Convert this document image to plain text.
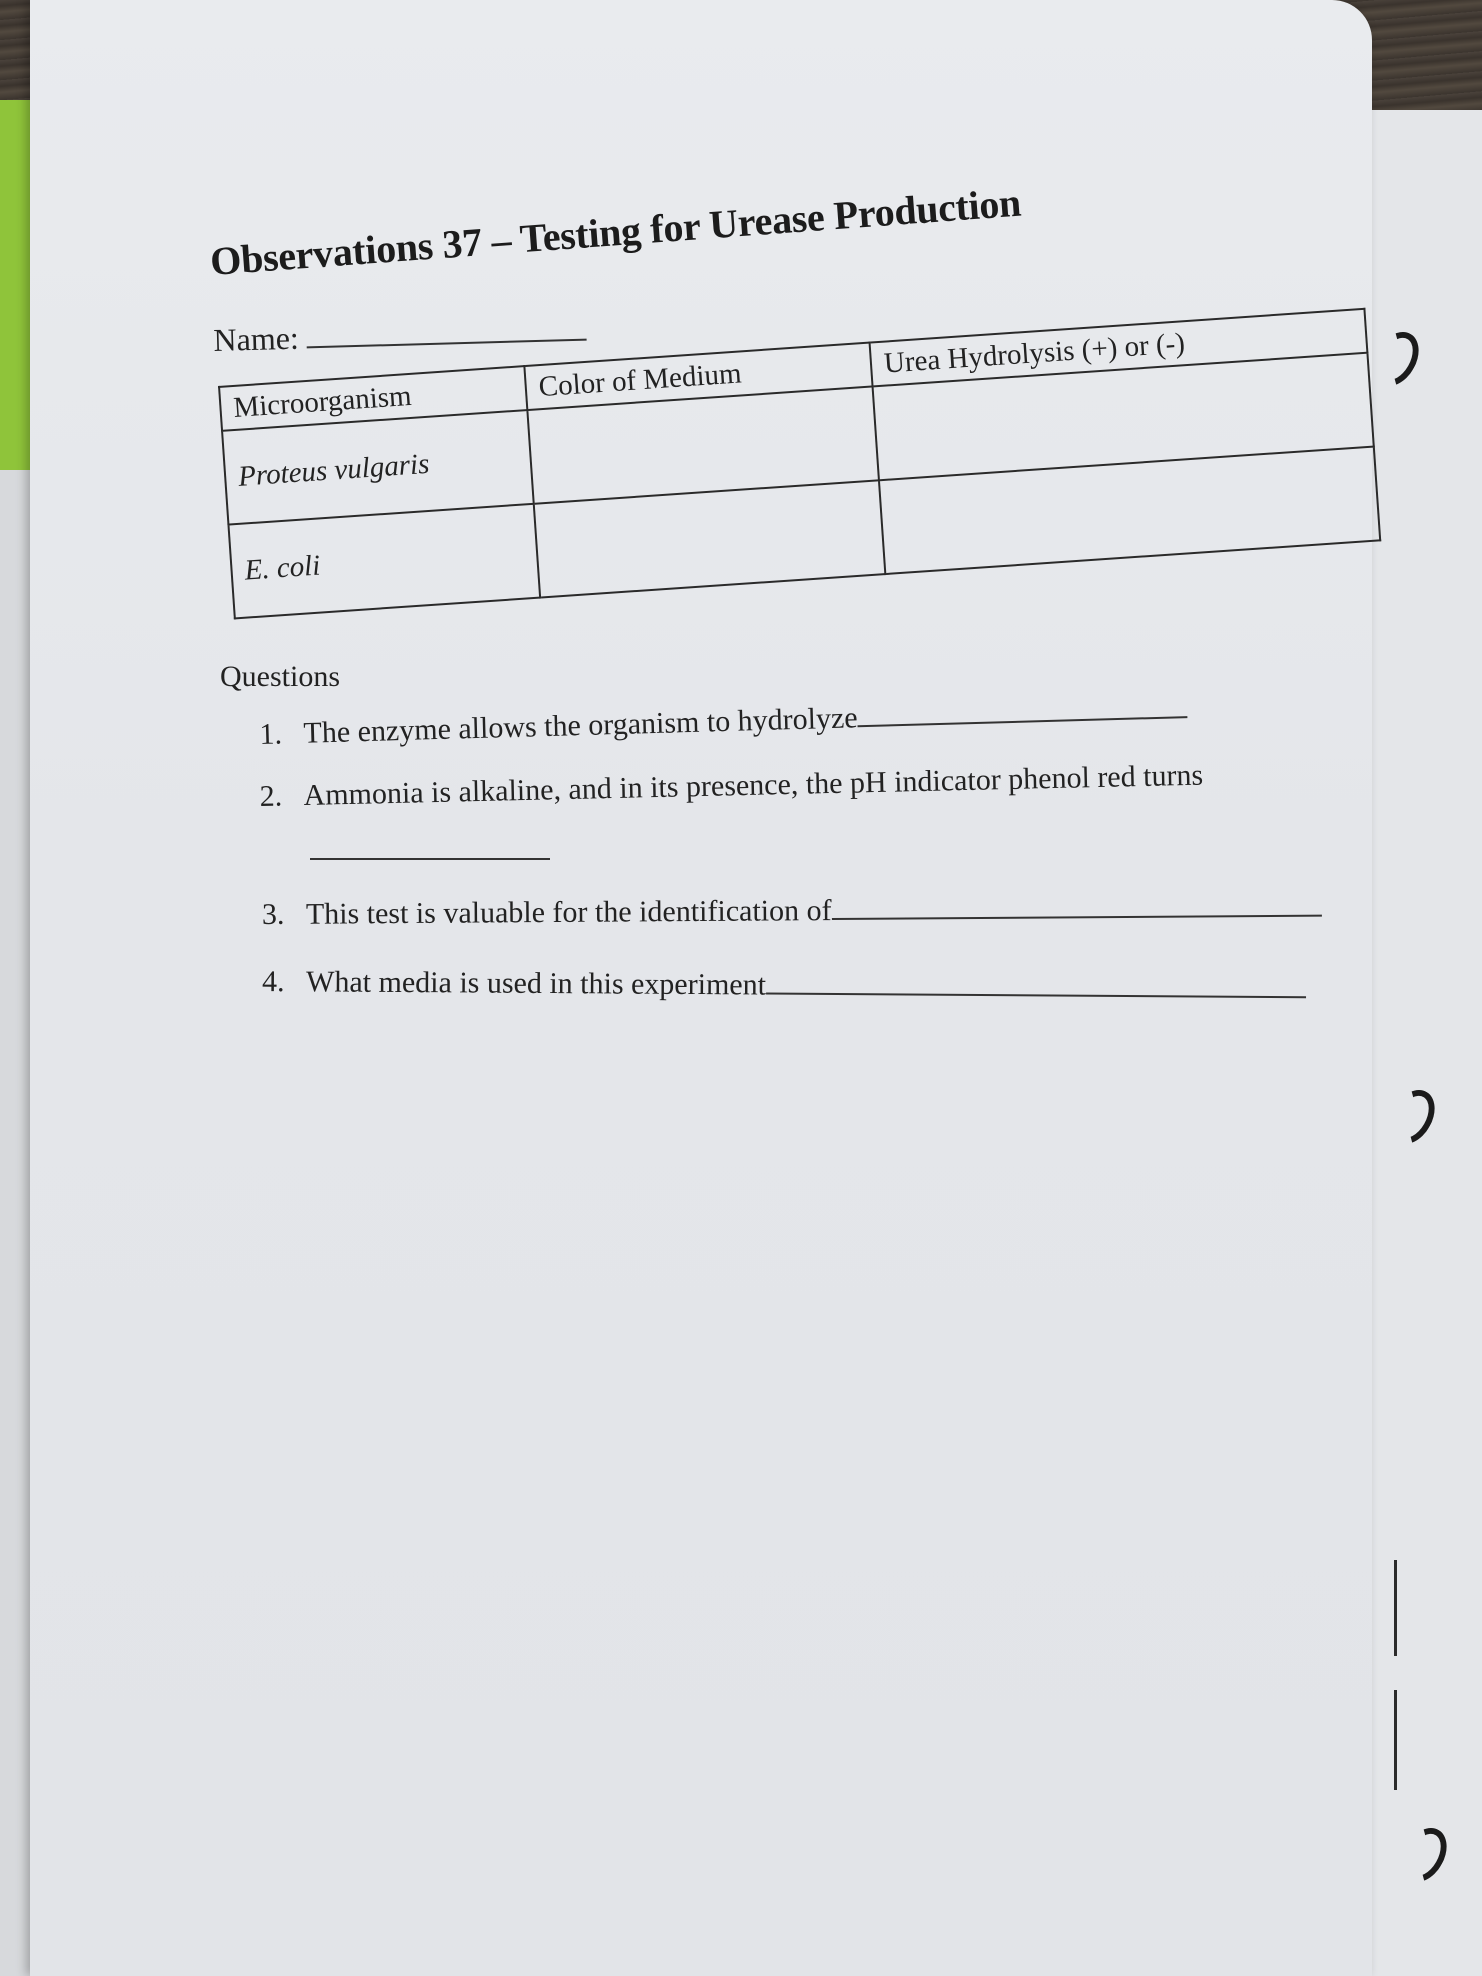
Observations 37 – Testing for Urease Production
Name:
Microorganism	Color of Medium	Urea Hydrolysis (+) or (-)
Proteus vulgaris		
E. coli		
Questions
1. The enzyme allows the organism to hydrolyze
2. Ammonia is alkaline, and in its presence, the pH indicator phenol red turns
3. This test is valuable for the identification of
4. What media is used in this experiment
